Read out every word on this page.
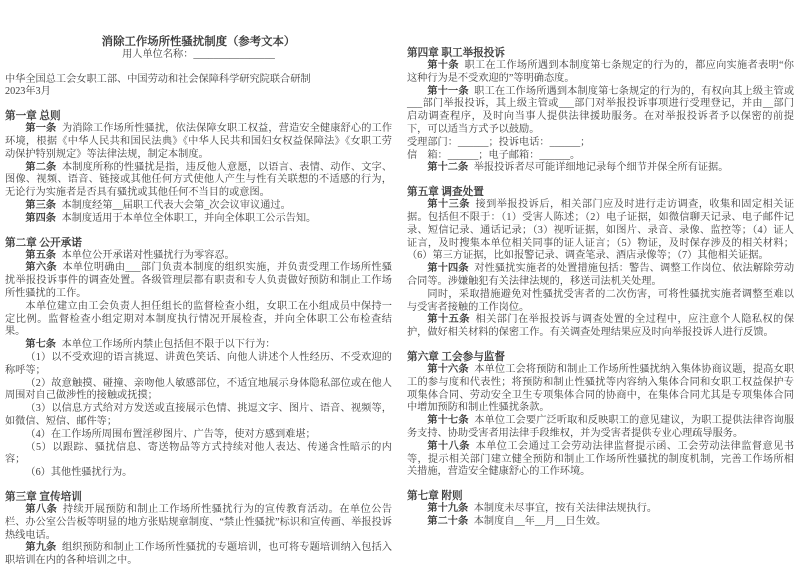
消除工作场所性骚扰制度（参考文本）
用人单位名称：________________

中华全国总工会女职工部、中国劳动和社会保障科学研究院联合研制

2023年3月

第一章 总则

第一条 为消除工作场所性骚扰，依法保障女职工权益，营造安全健康舒心的工作环境，根据《中华人民共和国民法典》《中华人民共和国妇女权益保障法》《女职工劳动保护特别规定》等法律法规，制定本制度。

第二条 本制度所称的性骚扰是指，违反他人意愿，以语言、表情、动作、文字、图像、视频、语音、链接或其他任何方式使他人产生与性有关联想的不适感的行为，无论行为实施者是否具有骚扰或其他任何不当目的或意图。

第三条 本制度经第__届职工代表大会第_次会议审议通过。

第四条 本制度适用于本单位全体职工，并向全体职工公示告知。

第二章 公开承诺

第五条 本单位公开承诺对性骚扰行为零容忍。

第六条 本单位明确由___部门负责本制度的组织实施，并负责受理工作场所性骚扰举报投诉事件的调查处置。各级管理层都有职责和专人负责做好预防和制止工作场所性骚扰的工作。

本单位建立由工会负责人担任组长的监督检查小组，女职工在小组成员中保持一定比例。监督检查小组定期对本制度执行情况开展检查，并向全体职工公布检查结果。

第七条 本单位工作场所内禁止包括但不限于以下行为：

（1）以不受欢迎的语言挑逗、讲黄色笑话、向他人讲述个人性经历、不受欢迎的称呼等；

（2）故意触摸、碰撞、亲吻他人敏感部位，不适宜地展示身体隐私部位或在他人周围对自己做涉性的接触或抚摸；

（3）以信息方式给对方发送或直接展示色情、挑逗文字、图片、语音、视频等，如微信、短信、邮件等；

（4）在工作场所周围布置淫秽图片、广告等，使对方感到难堪；

（5）以跟踪、骚扰信息、寄送物品等方式持续对他人表达、传递含性暗示的内容；

（6）其他性骚扰行为。

第三章 宣传培训

第八条 持续开展预防和制止工作场所性骚扰行为的宣传教育活动。在单位公告栏、办公室公告板等明显的地方张贴规章制度、“禁止性骚扰”标识和宣传画、举报投诉热线电话。

第九条 组织预防和制止工作场所性骚扰的专题培训，也可将专题培训纳入包括入职培训在内的各种培训之中。

第四章 职工举报投诉

第十条 职工在工作场所遇到本制度第七条规定的行为的，都应向实施者表明“你这种行为是不受欢迎的”等明确态度。

第十一条 职工在工作场所遇到本制度第七条规定的行为的，有权向其上级主管或___部门举报投诉，其上级主管或___部门对举报投诉事项进行受理登记，并由__部门启动调查程序，及时向当事人提供法律援助服务。在对举报投诉者予以保密的前提下，可以适当方式予以鼓励。

受理部门：______；投诉电话：______；

信　箱：______；电子邮箱：______。

第十二条 举报投诉者尽可能详细地记录每个细节并保全所有证据。

第五章 调查处置

第十三条 接到举报投诉后，相关部门应及时进行走访调查，收集和固定相关证据。包括但不限于：（1）受害人陈述；（2）电子证据，如微信聊天记录、电子邮件记录、短信记录、通话记录；（3）视听证据，如图片、录音、录像、监控等；（4）证人证言，及时搜集本单位相关同事的证人证言；（5）物证，及时保存涉及的相关材料；（6）第三方证据，比如报警记录、调查笔录、酒店录像等；（7）其他相关证据。

第十四条 对性骚扰实施者的处置措施包括：警告、调整工作岗位、依法解除劳动合同等。涉嫌触犯有关法律法规的，移送司法机关处理。

同时，采取措施避免对性骚扰受害者的二次伤害，可将性骚扰实施者调整至难以与受害者接触的工作岗位。

第十五条 相关部门在举报投诉与调查处置的全过程中，应注意个人隐私权的保护，做好相关材料的保密工作。有关调查处理结果应及时向举报投诉人进行反馈。

第六章 工会参与监督

第十六条 本单位工会将预防和制止工作场所性骚扰纳入集体协商议题，提高女职工的参与度和代表性；将预防和制止性骚扰等内容纳入集体合同和女职工权益保护专项集体合同、劳动安全卫生专项集体合同的协商中，在集体合同尤其是专项集体合同中增加预防和制止性骚扰条款。

第十七条 本单位工会要广泛听取和反映职工的意见建议，为职工提供法律咨询服务支持、协助受害者用法律手段维权，并为受害者提供专业心理疏导服务。

第十八条 本单位工会通过工会劳动法律监督提示函、工会劳动法律监督意见书等，提示相关部门建立健全预防和制止工作场所性骚扰的制度机制，完善工作场所相关措施，营造安全健康舒心的工作环境。

第七章 附则

第十九条 本制度未尽事宜，按有关法律法规执行。

第二十条 本制度自__年__月__日生效。
